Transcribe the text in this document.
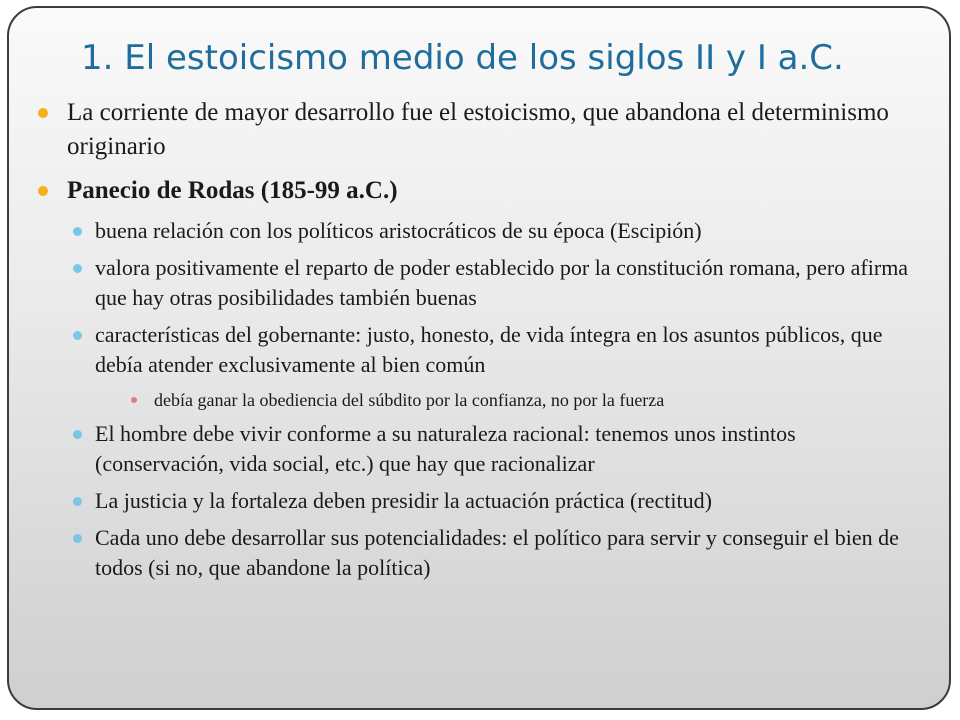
1. El estoicismo medio de los siglos II y I a.C.
La corriente de mayor desarrollo fue el estoicismo, que abandona el determinismo originario
Panecio de Rodas (185-99 a.C.)
buena relación con los políticos aristocráticos de su época (Escipión)
valora positivamente el reparto de poder establecido por la constitución romana, pero afirma que hay otras posibilidades también buenas
características del gobernante: justo, honesto, de vida íntegra en los asuntos públicos, que debía atender exclusivamente al bien común
debía ganar la obediencia del súbdito por la confianza, no por la fuerza
El hombre debe vivir conforme a su naturaleza racional: tenemos unos instintos (conservación, vida social, etc.) que hay que racionalizar
La justicia y la fortaleza deben presidir la actuación práctica (rectitud)
Cada uno debe desarrollar sus potencialidades: el político para servir y conseguir el bien de todos (si no, que abandone la política)
